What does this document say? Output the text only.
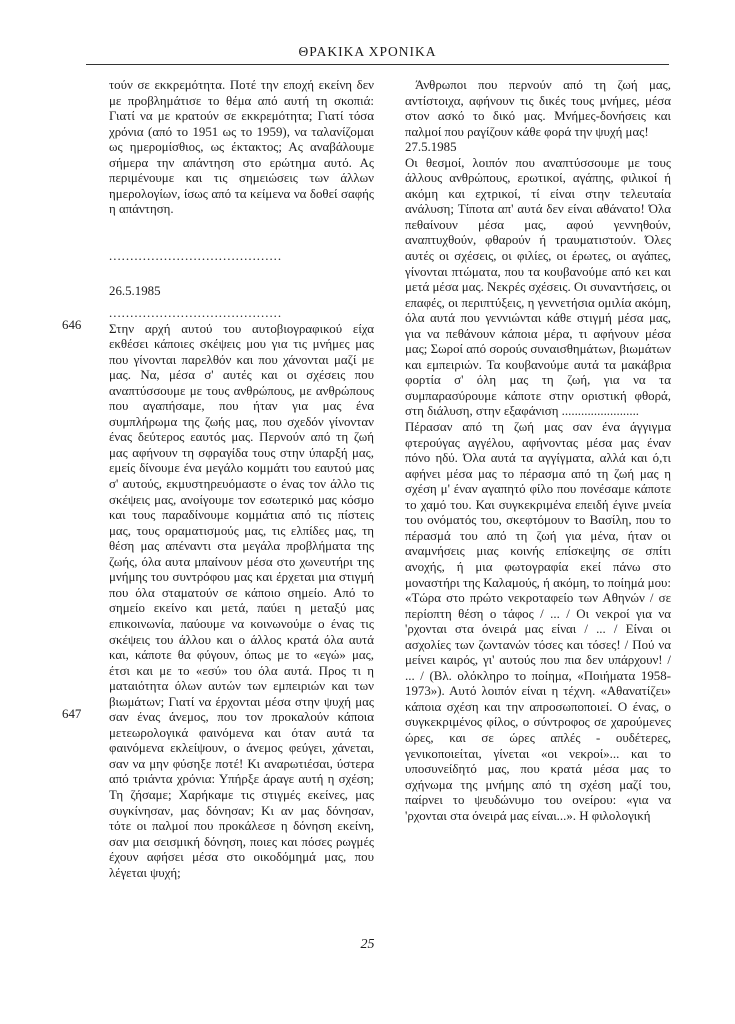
ΘΡΑΚΙΚΑ ΧΡΟΝΙΚΑ
646
647

τούν σε εκκρεμότητα. Ποτέ την εποχή εκείνη δεν με προβλημάτισε το θέμα από αυτή τη σκοπιά: Γιατί να με κρατούν σε εκκρεμότητα; Γιατί τόσα χρόνια (από το 1951 ως το 1959), να ταλανίζομαι ως ημερομίσθιος, ως έκτακτος; Ας αναβάλουμε σήμερα την απάντηση στο ερώτημα αυτό. Ας περιμένουμε και τις σημειώσεις των άλλων ημερολογίων, ίσως από τα κείμενα να δοθεί σαφής η απάντηση.

.........................................

26.5.1985

.........................................

Στην αρχή αυτού του αυτοβιογραφικού είχα εκθέσει κάποιες σκέψεις μου για τις μνήμες μας που γίνονται παρελθόν και που χάνονται μαζί με μας. Να, μέσα σ' αυτές και οι σχέσεις που αναπτύσσουμε με τους ανθρώπους, με ανθρώπους που αγαπήσαμε, που ήταν για μας ένα συμπλήρωμα της ζωής μας, που σχεδόν γίνονταν ένας δεύτερος εαυτός μας. Περνούν από τη ζωή μας αφήνουν τη σφραγίδα τους στην ύπαρξή μας, εμείς δίνουμε ένα μεγάλο κομμάτι του εαυτού μας σ' αυτούς, εκμυστηρευόμαστε ο ένας τον άλλο τις σκέψεις μας, ανοίγουμε τον εσωτερικό μας κόσμο και τους παραδίνουμε κομμάτια από τις πίστεις μας, τους οραματισμούς μας, τις ελπίδες μας, τη θέση μας απέναντι στα μεγάλα προβλήματα της ζωής, όλα αυτα μπαίνουν μέσα στο χωνευτήρι της μνήμης του συντρόφου μας και έρχεται μια στιγμή που όλα σταματούν σε κάποιο σημείο. Από το σημείο εκείνο και μετά, παύει η μεταξύ μας επικοινωνία, παύουμε να κοινωνούμε ο ένας τις σκέψεις του άλλου και ο άλλος κρατά όλα αυτά και, κάποτε θα φύγουν, όπως με το «εγώ» μας, έτσι και με το «εσύ» του όλα αυτά. Προς τι η ματαιότητα όλων αυτών των εμπειριών και των βιωμάτων; Γιατί να έρχονται μέσα στην ψυχή μας σαν ένας άνεμος, που τον προκαλούν κάποια μετεωρολογικά φαινόμενα και όταν αυτά τα φαινόμενα εκλείψουν, ο άνεμος φεύγει, χάνεται, σαν να μην φύσηξε ποτέ! Κι αναρωτιέσαι, ύστερα από τριάντα χρόνια: Υπήρξε άραγε αυτή η σχέση; Τη ζήσαμε; Χαρήκαμε τις στιγμές εκείνες, μας συγκίνησαν, μας δόνησαν; Κι αν μας δόνησαν, τότε οι παλμοί που προκάλεσε η δόνηση εκείνη, σαν μια σεισμική δόνηση, ποιες και πόσες ρωγμές έχουν αφήσει μέσα στο οικοδόμημά μας, που λέγεται ψυχή;

Άνθρωποι που περνούν από τη ζωή μας, αντίστοιχα, αφήνουν τις δικές τους μνήμες, μέσα στον ασκό το δικό μας. Μνήμες-δονήσεις και παλμοί που ραγίζουν κάθε φορά την ψυχή μας!

27.5.1985

Οι θεσμοί, λοιπόν που αναπτύσσουμε με τους άλλους ανθρώπους, ερωτικοί, αγάπης, φιλικοί ή ακόμη και εχτρικοί, τί είναι στην τελευταία ανάλυση; Τίποτα απ' αυτά δεν είναι αθάνατο! Όλα πεθαίνουν μέσα μας, αφού γεννηθούν, αναπτυχθούν, φθαρούν ή τραυματιστούν. Όλες αυτές οι σχέσεις, οι φιλίες, οι έρωτες, οι αγάπες, γίνονται πτώματα, που τα κουβανούμε από κει και μετά μέσα μας. Νεκρές σχέσεις. Οι συναντήσεις, οι επαφές, οι περιπτύξεις, η γεννετήσια ομιλία ακόμη, όλα αυτά που γεννιώνται κάθε στιγμή μέσα μας, για να πεθάνουν κάποια μέρα, τι αφήνουν μέσα μας; Σωροί από σορούς συναισθημάτων, βιωμάτων και εμπειριών. Τα κουβανούμε αυτά τα μακάβρια φορτία σ' όλη μας τη ζωή, για να τα συμπαρασύρουμε κάποτε στην οριστική φθορά, στη διάλυση, στην εξαφάνιση ........................

Πέρασαν από τη ζωή μας σαν ένα άγγιγμα φτερούγας αγγέλου, αφήνοντας μέσα μας έναν πόνο ηδύ. Όλα αυτά τα αγγίγματα, αλλά και ό,τι αφήνει μέσα μας το πέρασμα από τη ζωή μας η σχέση μ' έναν αγαπητό φίλο που πονέσαμε κάποτε το χαμό του. Και συγκεκριμένα επειδή έγινε μνεία του ονόματός του, σκεφτόμουν το Βασίλη, που το πέρασμά του από τη ζωή για μένα, ήταν οι αναμνήσεις μιας κοινής επίσκεψης σε σπίτι ανοχής, ή μια φωτογραφία εκεί πάνω στο μοναστήρι της Καλαμούς, ή ακόμη, το ποίημά μου: «Τώρα στο πρώτο νεκροταφείο των Αθηνών / σε περίοπτη θέση ο τάφος / ... / Οι νεκροί για να 'ρχονται στα όνειρά μας είναι / ... / Είναι οι ασχολίες των ζωντανών τόσες και τόσες! / Πού να μείνει καιρός, γι' αυτούς που πια δεν υπάρχουν! / ... / (Βλ. ολόκληρο το ποίημα, «Ποιήματα 1958-1973»). Αυτό λοιπόν είναι η τέχνη. «Αθανατίζει» κάποια σχέση και την απροσωποποιεί. Ο ένας, ο συγκεκριμένος φίλος, ο σύντροφος σε χαρούμενες ώρες, και σε ώρες απλές - ουδέτερες, γενικοποιείται, γίνεται «οι νεκροί»... και το υποσυνείδητό μας, που κρατά μέσα μας το σχήνωμα της μνήμης από τη σχέση μαζί του, παίρνει το ψευδώνυμο του ονείρου: «για να 'ρχονται στα όνειρά μας είναι...». Η φιλολογική

25
